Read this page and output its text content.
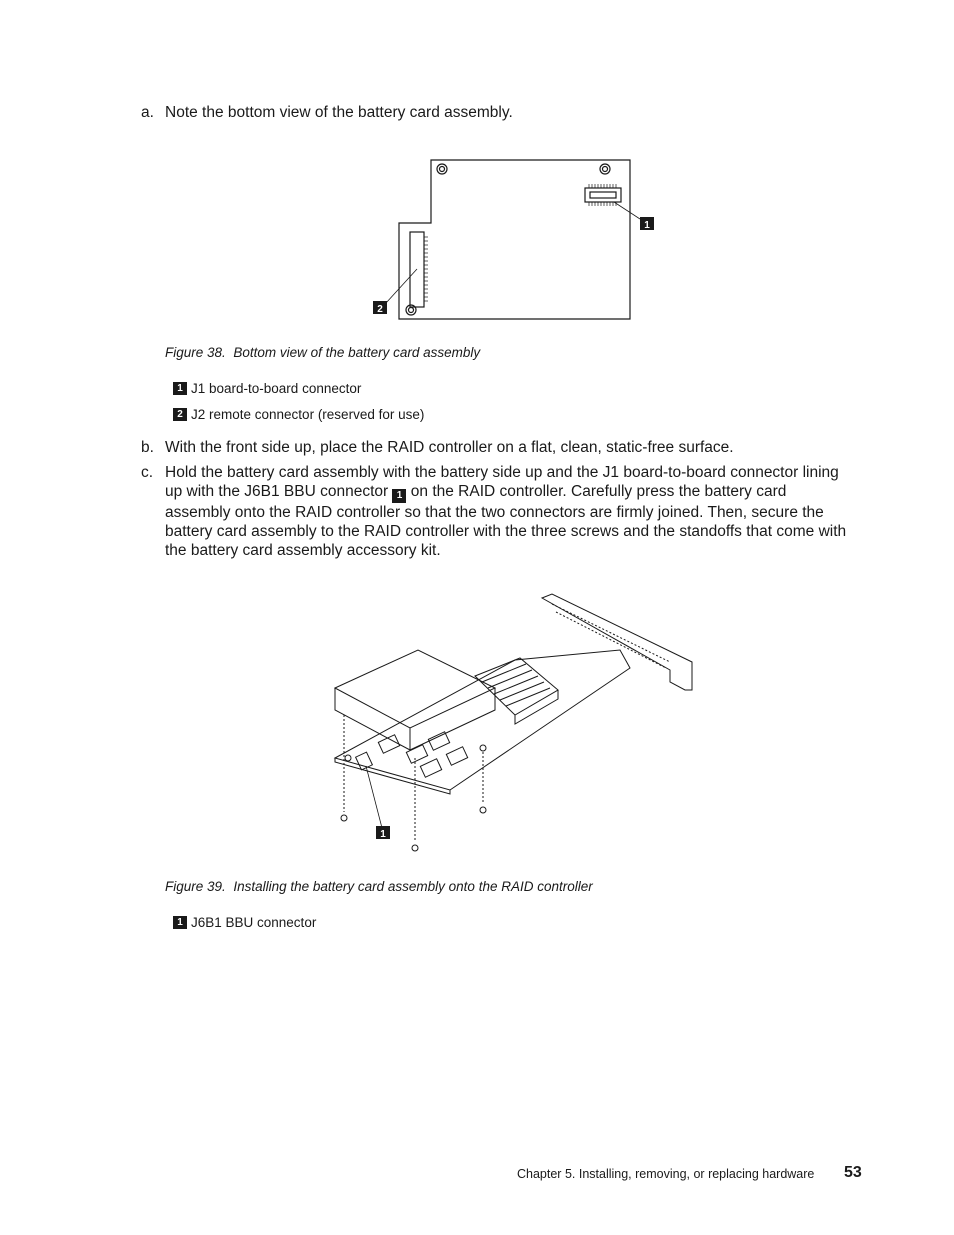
a. Note the bottom view of the battery card assembly.
1
2
Figure 38. Bottom view of the battery card assembly
1 J1 board-to-board connector
2 J2 remote connector (reserved for use)
b. With the front side up, place the RAID controller on a flat, clean, static-free surface.
c. Hold the battery card assembly with the battery side up and the J1 board-to-board connector lining up with the J6B1 BBU connector 1 on the RAID controller. Carefully press the battery card assembly onto the RAID controller so that the two connectors are firmly joined. Then, secure the battery card assembly to the RAID controller with the three screws and the standoffs that come with the battery card assembly accessory kit.
1
Figure 39. Installing the battery card assembly onto the RAID controller
1 J6B1 BBU connector
Chapter 5. Installing, removing, or replacing hardware 53
